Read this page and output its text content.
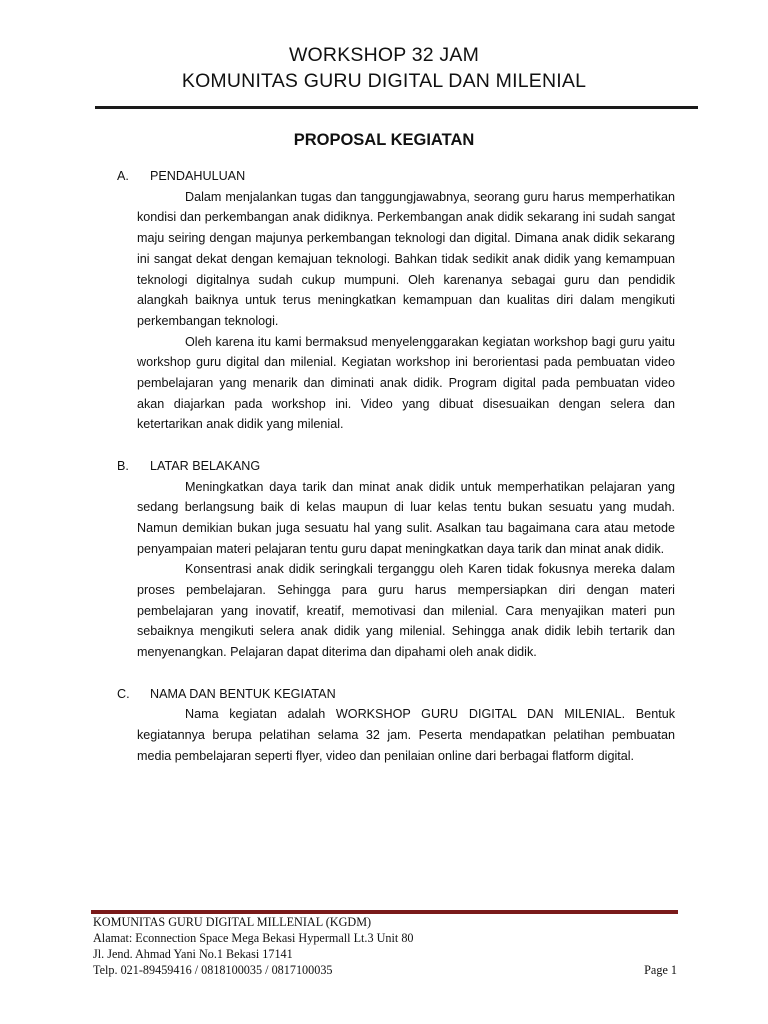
WORKSHOP 32 JAM
KOMUNITAS GURU DIGITAL DAN MILENIAL
PROPOSAL KEGIATAN
A.	PENDAHULUAN

Dalam menjalankan tugas dan tanggungjawabnya, seorang guru harus memperhatikan kondisi dan perkembangan anak didiknya. Perkembangan anak didik sekarang ini sudah sangat maju seiring dengan majunya perkembangan teknologi dan digital. Dimana anak didik sekarang ini sangat dekat dengan kemajuan teknologi. Bahkan tidak sedikit anak didik yang kemampuan teknologi digitalnya sudah cukup mumpuni. Oleh karenanya sebagai guru dan pendidik alangkah baiknya untuk terus meningkatkan kemampuan dan kualitas diri dalam mengikuti perkembangan teknologi.

Oleh karena itu kami bermaksud menyelenggarakan kegiatan workshop bagi guru yaitu workshop guru digital dan milenial. Kegiatan workshop ini berorientasi pada pembuatan video pembelajaran yang menarik dan diminati anak didik. Program digital pada pembuatan video akan diajarkan pada workshop ini. Video yang dibuat disesuaikan dengan selera dan ketertarikan anak didik yang milenial.

B.	LATAR BELAKANG

Meningkatkan daya tarik dan minat anak didik untuk memperhatikan pelajaran yang sedang berlangsung baik di kelas maupun di luar kelas tentu bukan sesuatu yang mudah. Namun demikian bukan juga sesuatu hal yang sulit. Asalkan tau bagaimana cara atau metode penyampaian materi pelajaran tentu guru dapat meningkatkan daya tarik dan minat anak didik.

Konsentrasi anak didik seringkali terganggu oleh Karen tidak fokusnya mereka dalam proses pembelajaran. Sehingga para guru harus mempersiapkan diri dengan materi pembelajaran yang inovatif, kreatif, memotivasi dan milenial. Cara menyajikan materi pun sebaiknya mengikuti selera anak didik yang milenial. Sehingga anak didik lebih tertarik dan menyenangkan. Pelajaran dapat diterima dan dipahami oleh anak didik.

C.	NAMA DAN BENTUK KEGIATAN

Nama kegiatan adalah WORKSHOP GURU DIGITAL DAN MILENIAL. Bentuk kegiatannya berupa pelatihan selama 32 jam. Peserta mendapatkan pelatihan pembuatan media pembelajaran seperti flyer, video dan penilaian online dari berbagai flatform digital.

KOMUNITAS GURU DIGITAL MILLENIAL (KGDM)
Alamat: Econnection Space Mega Bekasi Hypermall Lt.3 Unit 80
Jl. Jend. Ahmad Yani No.1 Bekasi 17141
Telp. 021-89459416 / 0818100035 / 0817100035	Page 1
